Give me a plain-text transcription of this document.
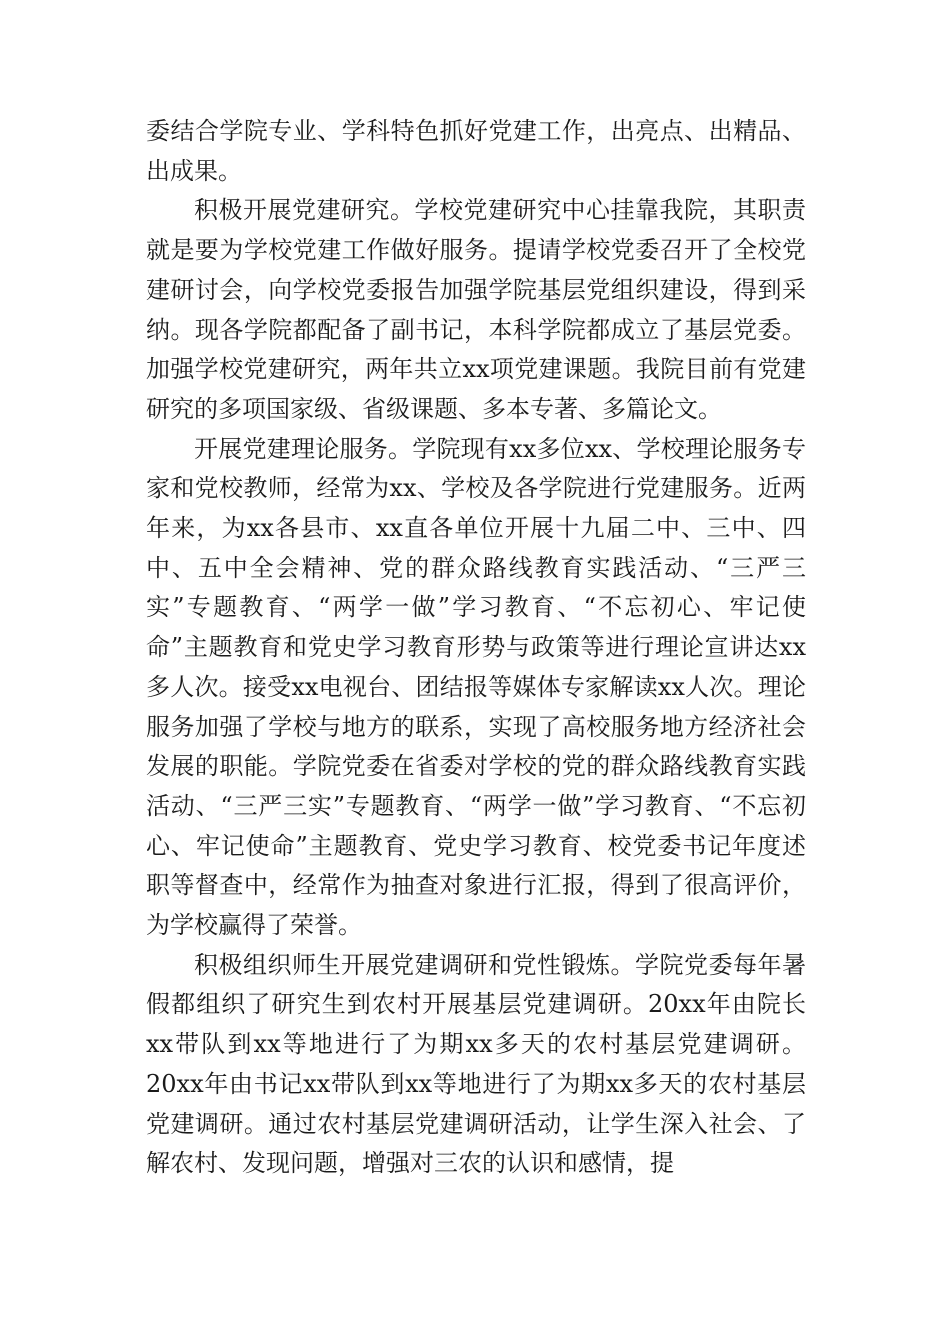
委结合学院专业、学科特色抓好党建工作，出亮点、出精品、出成果。

积极开展党建研究。学校党建研究中心挂靠我院，其职责就是要为学校党建工作做好服务。提请学校党委召开了全校党建研讨会，向学校党委报告加强学院基层党组织建设，得到采纳。现各学院都配备了副书记，本科学院都成立了基层党委。加强学校党建研究，两年共立xx项党建课题。我院目前有党建研究的多项国家级、省级课题、多本专著、多篇论文。

开展党建理论服务。学院现有xx多位xx、学校理论服务专家和党校教师，经常为xx、学校及各学院进行党建服务。近两年来，为xx各县市、xx直各单位开展十九届二中、三中、四中、五中全会精神、党的群众路线教育实践活动、“三严三实”专题教育、“两学一做”学习教育、“不忘初心、牢记使命”主题教育和党史学习教育形势与政策等进行理论宣讲达xx多人次。接受xx电视台、团结报等媒体专家解读xx人次。理论服务加强了学校与地方的联系，实现了高校服务地方经济社会发展的职能。学院党委在省委对学校的党的群众路线教育实践活动、“三严三实”专题教育、“两学一做”学习教育、“不忘初心、牢记使命”主题教育、党史学习教育、校党委书记年度述职等督查中，经常作为抽查对象进行汇报，得到了很高评价，为学校赢得了荣誉。

积极组织师生开展党建调研和党性锻炼。学院党委每年暑假都组织了研究生到农村开展基层党建调研。20xx年由院长xx带队到xx等地进行了为期xx多天的农村基层党建调研。20xx年由书记xx带队到xx等地进行了为期xx多天的农村基层党建调研。通过农村基层党建调研活动，让学生深入社会、了解农村、发现问题，增强对三农的认识和感情，提
